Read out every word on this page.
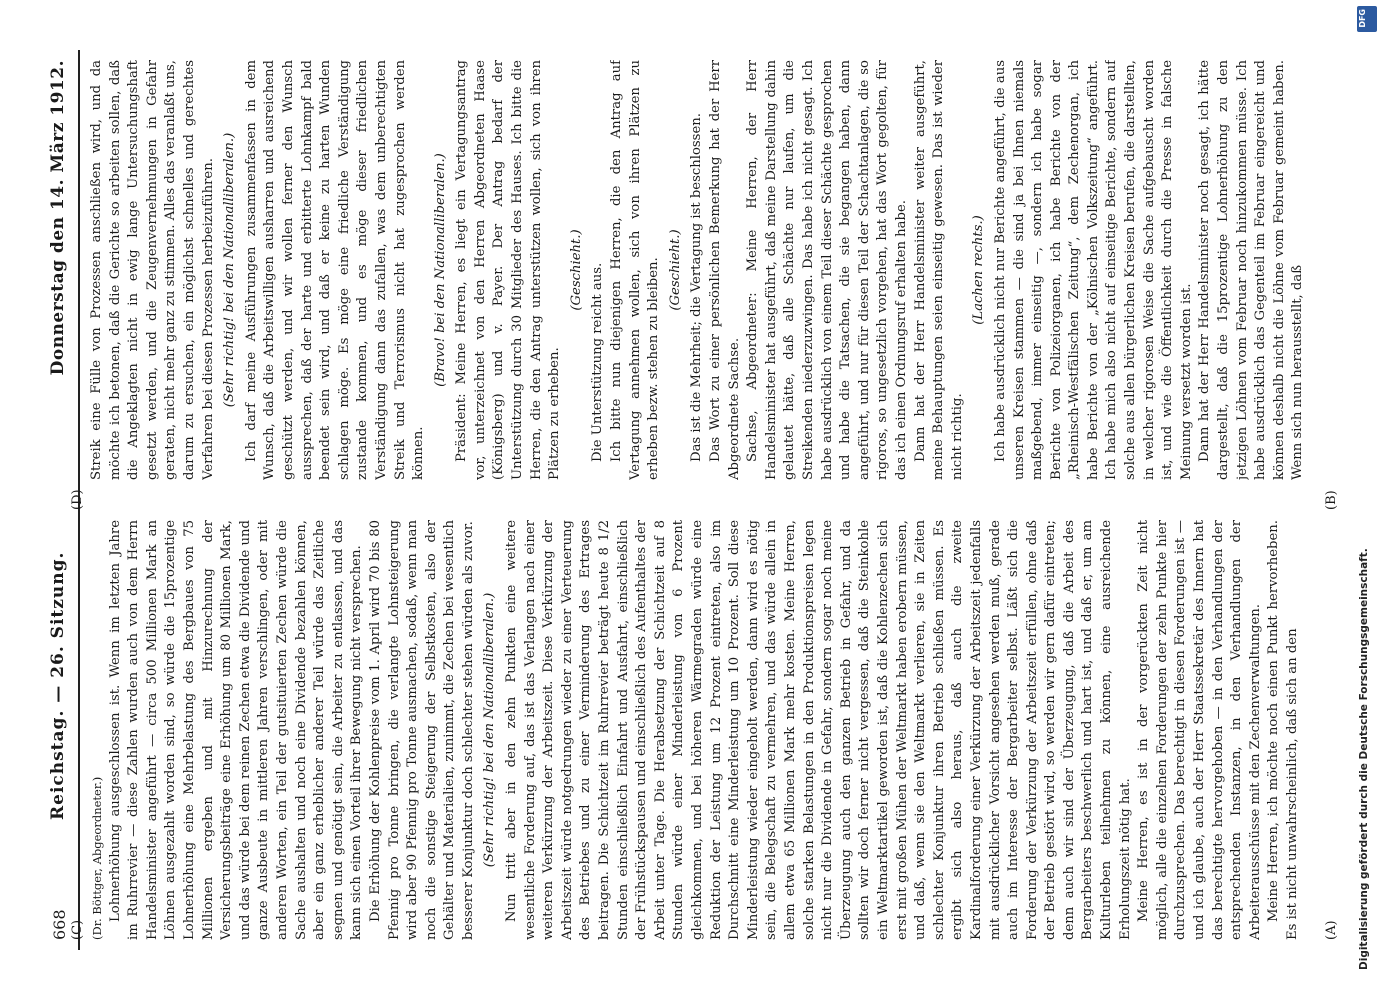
668
Reichstag. — 26. Sitzung.
Donnerstag den 14. März 1912.

(Dr. Böttger, Abgeordneter.) Lohnerhöhung ausgeschlossen ist. Wenn im letzten Jahre im Ruhrrevier — diese Zahlen wurden auch von dem Herrn Handelsminister angeführt — circa 500 Millionen Mark an Löhnen ausgezahlt worden sind, so würde die 15prozentige Lohnerhöhung eine Mehrbelastung des Bergbaues von 75 Millionen ergeben und mit Hinzurechnung der Versicherungsbeiträge eine Erhöhung um 80 Millionen Mark, und das würde bei dem reinen Zechen etwa die Dividende und ganze Ausbeute in mittleren Jahren verschlingen, oder mit anderen Worten, ein Teil der gutsituierten Zechen würde die Sache aushalten und noch eine Dividende bezahlen können, aber ein ganz erheblicher anderer Teil würde das Zeitliche segnen und genötigt sein, die Arbeiter zu entlassen, und das kann sich einen Vorteil ihrer Bewegung nicht versprechen. Die Erhöhung der Kohlenpreise vom 1. April wird 70 bis 80 Pfennig pro Tonne bringen, die verlangte Lohnsteigerung wird aber 90 Pfennig pro Tonne ausmachen, sodaß, wenn man noch die sonstige Steigerung der Selbstkosten, also der Gehälter und Materialien, zunimmt, die Zechen bei wesentlich besserer Konjunktur doch schlechter stehen würden als zuvor. (Sehr richtig! bei den Nationalliberalen.) Nun tritt aber in den zehn Punkten eine weitere wesentliche Forderung auf, das ist das Verlangen nach einer weiteren Verkürzung der Arbeitszeit. Diese Verkürzung der Arbeitszeit würde notgedrungen wieder zu einer Verteuerung des Betriebes und zu einer Verminderung des Ertrages beitragen. Die Schichtzeit im Ruhrrevier beträgt heute 8 1/2 Stunden einschließlich Einfahrt und Ausfahrt, einschließlich der Frühstückspausen und einschließlich des Aufenthaltes der Arbeit unter Tage. Die Herabsetzung der Schichtzeit auf 8 Stunden würde einer Minderleistung von 6 Prozent gleichkommen, und bei höheren Wärmegraden würde eine Reduktion der Leistung um 12 Prozent eintreten, also im Durchschnitt eine Minderleistung um 10 Prozent. Soll diese Minderleistung wieder eingeholt werden, dann wird es nötig sein, die Belegschaft zu vermehren, und das würde allein in allem etwa 65 Millionen Mark mehr kosten. Meine Herren, solche starken Belastungen in den Produktionspreisen legen nicht nur die Dividende in Gefahr, sondern sogar noch meine Überzeugung auch den ganzen Betrieb in Gefahr, und da sollten wir doch ferner nicht vergessen, daß die Steinkohle ein Weltmarktartikel geworden ist, daß die Kohlenzechen sich erst mit großen Mühen der Weltmarkt haben erobern müssen, und daß, wenn sie den Weltmarkt verlieren, sie in Zeiten schlechter Konjunktur ihren Betrieb schließen müssen. Es ergibt sich also heraus, daß auch die zweite Kardinalforderung einer Verkürzung der Arbeitszeit jedenfalls mit ausdrücklicher Vorsicht angesehen werden muß, gerade auch im Interesse der Bergarbeiter selbst. Läßt sich die Forderung der Verkürzung der Arbeitszeit erfüllen, ohne daß der Betrieb gestört wird, so werden wir gern dafür eintreten; denn auch wir sind der Überzeugung, daß die Arbeit des Bergarbeiters beschwerlich und hart ist, und daß er, um am Kulturleben teilnehmen zu können, eine ausreichende Erholungszeit nötig hat. Meine Herren, es ist in der vorgerückten Zeit nicht möglich, alle die einzelnen Forderungen der zehn Punkte hier durchzusprechen. Das berechtigt in diesen Forderungen ist — und ich glaube, auch der Herr Staatssekretär des Innern hat das berechtigte hervorgehoben — in den Verhandlungen der entsprechenden Instanzen, in den Verhandlungen der Arbeiterausschüsse mit den Zechenverwaltungen. Meine Herren, ich möchte noch einen Punkt hervorheben. Es ist nicht unwahrscheinlich, daß sich an den

Streik eine Fülle von Prozessen anschließen wird, und da möchte ich betonen, daß die Gerichte so arbeiten sollen, daß die Angeklagten nicht in ewig lange Untersuchungshaft gesetzt werden, und die Zeugenvernehmungen in Gefahr geraten, nicht mehr ganz zu stimmen. Alles das veranlaßt uns, darum zu ersuchen, ein möglichst schnelles und gerechtes Verfahren bei diesen Prozessen herbeizuführen. (Sehr richtig! bei den Nationalliberalen.) Ich darf meine Ausführungen zusammenfassen in dem Wunsch, daß die Arbeitswilligen ausharren und ausreichend geschützt werden, und wir wollen ferner den Wunsch aussprechen, daß der harte und erbitterte Lohnkampf bald beendet sein wird, und daß er keine zu harten Wunden schlagen möge. Es möge eine friedliche Verständigung zustande kommen, und es möge dieser friedlichen Verständigung dann das zufallen, was dem unberechtigten Streik und Terrorismus nicht hat zugesprochen werden können.

(Bravo! bei den Nationalliberalen.) Präsident: Meine Herren, es liegt ein Vertagungsantrag vor, unterzeichnet von den Herren Abgeordneten Haase (Königsberg) und v. Payer. Der Antrag bedarf der Unterstützung durch 30 Mitglieder des Hauses. Ich bitte die Herren, die den Antrag unterstützen wollen, sich von ihren Plätzen zu erheben.

(Geschieht.) Die Unterstützung reicht aus. Ich bitte nun diejenigen Herren, die den Antrag auf Vertagung annehmen wollen, sich von ihren Plätzen zu erheben bezw. stehen zu bleiben. (Geschieht.) Das ist die Mehrheit; die Vertagung ist beschlossen. Das Wort zu einer persönlichen Bemerkung hat der Herr Abgeordnete Sachse. Sachse, Abgeordneter: Meine Herren, der Herr Handelsminister hat ausgeführt, daß meine Darstellung dahin gelautet hätte, daß alle Schächte nur laufen, um die Streikenden niederzuzwingen. Das habe ich nicht gesagt. Ich habe ausdrücklich von einem Teil dieser Schächte gesprochen und habe die Tatsachen, die sie begangen haben, dann angeführt, und nur für diesen Teil der Schachtanlagen, die so rigoros, so ungesetzlich vorgehen, hat das Wort gegolten, für das ich einen Ordnungsruf erhalten habe. Dann hat der Herr Handelsminister weiter ausgeführt, meine Behauptungen seien einseitig gewesen. Das ist wieder nicht richtig.

(Lachen rechts.) Ich habe ausdrücklich nicht nur Berichte angeführt, die aus unseren Kreisen stammen — die sind ja bei Ihnen niemals maßgebend, immer einseitig —, sondern ich habe sogar Berichte von Polizeiorganen, ich habe Berichte von der „Rheinisch-Westfälischen Zeitung“, dem Zechenorgan, ich habe Berichte von der „Kölnischen Volkszeitung“ angeführt. Ich habe mich also nicht auf einseitige Berichte, sondern auf solche aus allen bürgerlichen Kreisen berufen, die darstellten, in welcher rigorosen Weise die Sache aufgebauscht worden ist, und wie die Öffentlichkeit durch die Presse in falsche Meinung versetzt worden ist. Dann hat der Herr Handelsminister noch gesagt, ich hätte dargestellt, daß die 15prozentige Lohnerhöhung zu den jetzigen Löhnen vom Februar noch hinzukommen müsse. Ich habe ausdrücklich das Gegenteil im Februar eingereicht und können deshalb nicht die Löhne vom Februar gemeint haben. Wenn sich nun herausstellt, daß

(A)
(B)
(C)
(D)
DFG
Digitalisierung gefördert durch die Deutsche Forschungsgemeinschaft.
